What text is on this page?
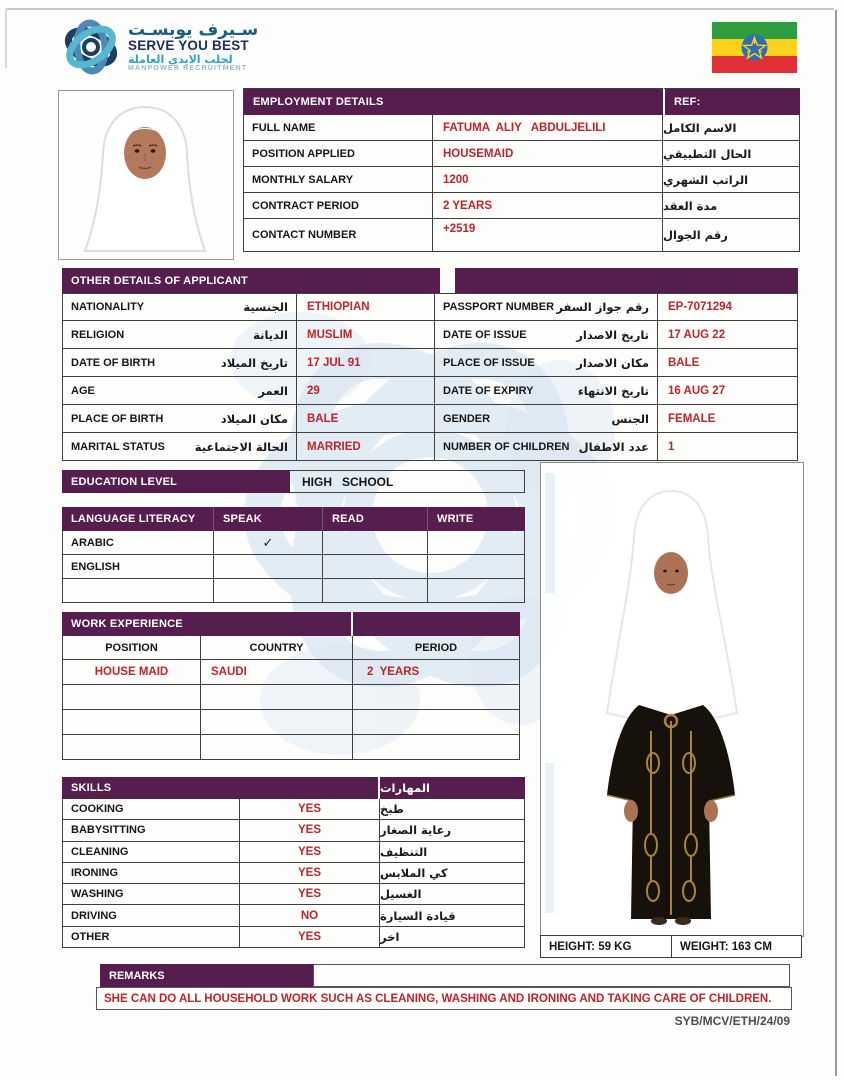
سـيرف يوبسـت
SERVE YOU BEST
لجلب الايدي العاملة
MANPOWER RECRUITMENT
EMPLOYMENT DETAILS	REF:
FULL NAME	FATUMA  ALIY   ABDULJELILI	الاسم الكامل
POSITION APPLIED	HOUSEMAID	الحال التطبيقي
MONTHLY SALARY	1200	الراتب الشهري
CONTRACT PERIOD	2 YEARS	مدة العقد
CONTACT NUMBER	+2519	رقم الجوال
OTHER DETAILS OF APPLICANT
NATIONALITY	الجنسية	ETHIOPIAN	PASSPORT NUMBER رقم جواز السفر	EP-7071294
RELIGION	الديانة	MUSLIM	DATE OF ISSUE	تاريخ الاصدار	17 AUG 22
DATE OF BIRTH	تاريخ الميلاد	17 JUL 91	PLACE OF ISSUE	مكان الاصدار	BALE
AGE	العمر	29	DATE OF EXPIRY	تاريخ الانتهاء	16 AUG 27
PLACE OF BIRTH	مكان الميلاد	BALE	GENDER	الجنس	FEMALE
MARITAL STATUS	الحالة الاجتماعية	MARRIED	NUMBER OF CHILDREN عدد الاطفال	1
EDUCATION LEVEL	HIGH   SCHOOL
LANGUAGE LITERACY	SPEAK	READ	WRITE
ARABIC	✓
ENGLISH
WORK EXPERIENCE
POSITION	COUNTRY	PERIOD
HOUSE MAID	SAUDI	2  YEARS
SKILLS	المهارات
COOKING	YES	طبخ
BABYSITTING	YES	رعاية الصغار
CLEANING	YES	التنظيف
IRONING	YES	كي الملابس
WASHING	YES	الغسيل
DRIVING	NO	قيادة السيارة
OTHER	YES	اخر
HEIGHT: 59 KG	WEIGHT: 163 CM
REMARKS
SHE CAN DO ALL HOUSEHOLD WORK SUCH AS CLEANING, WASHING AND IRONING AND TAKING CARE OF CHILDREN.
SYB/MCV/ETH/24/09
